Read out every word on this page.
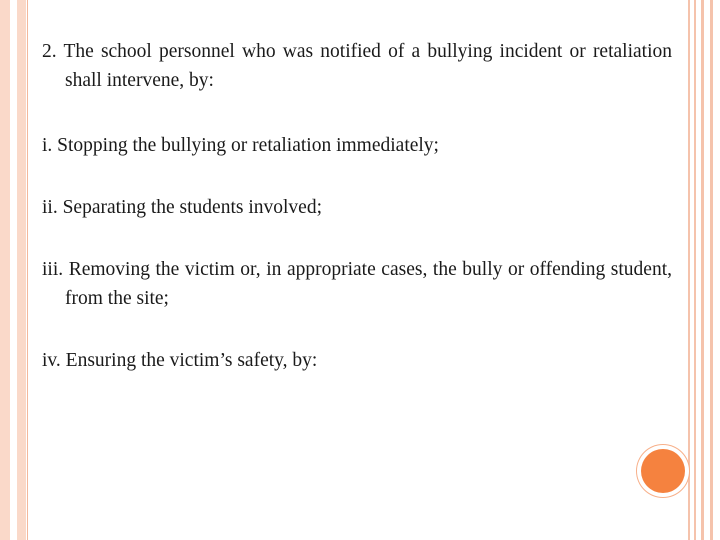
2. The school personnel who was notified of a bullying incident or retaliation shall intervene, by:

i. Stopping the bullying or retaliation immediately;

ii. Separating the students involved;

iii. Removing the victim or, in appropriate cases, the bully or offending student, from the site;

iv. Ensuring the victim’s safety, by:
